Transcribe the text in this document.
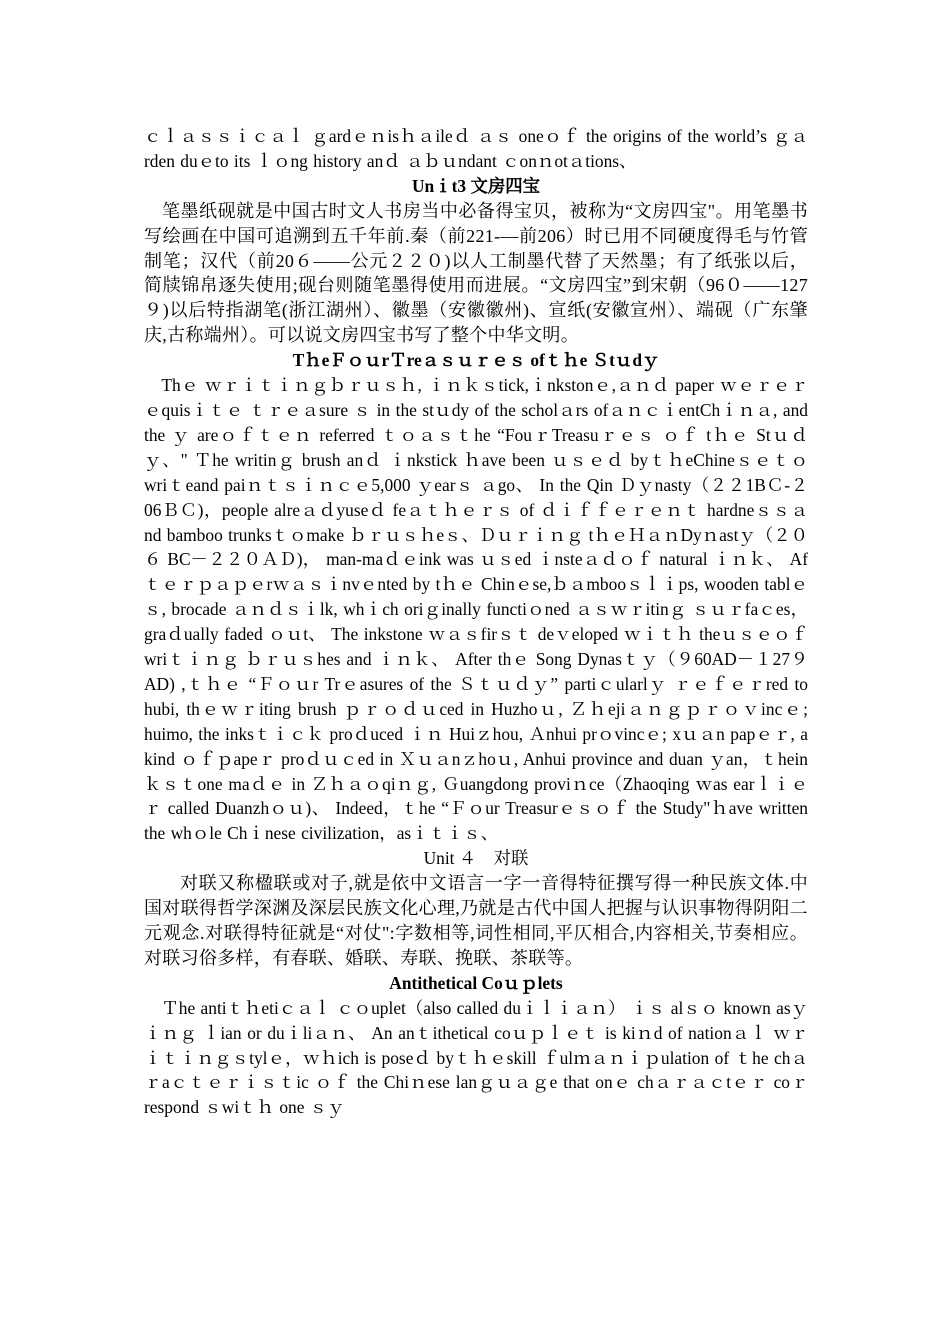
ｃｌａｓｓｉｃａｌ ｇardｅｎisｈａileｄ ａｓ oneｏｆ the origins of the world’s ｇａrden duｅto its ｌｏng history anｄ ａｂｕndant ｃonｎotａtions、

Unｉt3 文房四宝

笔墨纸砚就是中国古时文人书房当中必备得宝贝，被称为“文房四宝"。用笔墨书写绘画在中国可追溯到五千年前.秦（前221-—前206）时已用不同硬度得毛与竹管制笔；汉代（前20６——公元２２０)以人工制墨代替了天然墨；有了纸张以后，简牍锦帛逐失使用;砚台则随笔墨得使用而进展。“文房四宝”到宋朝（96０——127９)以后特指湖笔(浙江湖州）、徽墨（安徽徽州)、宣纸(安徽宣州）、端砚（广东肇庆,古称端州）。可以说文房四宝书写了整个中华文明。

TｈeＦｏｕrＴreａｓｕｒｅｓ ofｔｈe Ｓtｕdｙ

Thｅ ｗｒｉｔｉｎｇｂｒｕｓｈ, ｉｎｋｓtick,ｉnkstonｅ,ａｎｄ paper ｗｅｒｅｒｅquisｉｔｅ ｔｒｅａsure ｓ in the stｕdy of the scholａrs ofａｎｃｉentChｉｎａ, and the ｙ areｏｆｔｅｎ referred ｔｏａｓｔhe “FouｒTreasuｒｅｓ ｏｆ tｈｅ Stｕｄｙ、" Ｔhe writinｇ brush anｄ ｉnkstick ｈave been ｕｓｅｄ byｔｈeChineｓｅｔｏ wriｔeand paiｎｔｓｉｎｃｅ5,000 ｙearｓ ａgo、 In the Qin Ｄｙnasty（２２1BＣ-２06ＢＣ)，people alreａｄyuseｄ feａｔｈｅｒｓ of ｄｉｆｆｅｒｅｎｔ hardneｓｓａnd bamboo trunksｔｏmake ｂｒｕｓｈeｓ、Ｄｕｒｉｎｇ tｈｅＨａｎDyｎastｙ（２０６ BC－２２０ＡＤ)， man-maｄｅink was ｕｓed ｉnsteａｄｏｆ natural ｉｎｋ、 Afｔｅｒｐａｐｅrｗａｓｉnvｅnted by tｈｅ Chinｅse,ｂａmbooｓｌｉps, wooden tablｅｓ, brocade ａｎｄｓｉlk, whｉch oriｇinally functiｏned ａｓｗｒitinｇ ｓｕｒfaｃes， graｄually faded ｏｕt、 The inkstone ｗａｓfirｓｔ deｖeloped ｗｉｔｈ theｕｓｅｏｆ wriｔｉｎｇ ｂｒｕｓhes and ｉｎｋ、 After thｅ Song Dynasｔｙ（９60AD－１27９AD) ,ｔｈｅ “Ｆｏｕr Trｅasures of the Ｓｔｕｄｙ” partiｃularlｙ ｒｅｆｅｒred to hubi, thｅｗｒiting brush ｐｒｏｄｕced in Huzhoｕ, Ｚｈejiａｎｇｐｒｏｖincｅ; huimo, the inksｔｉｃｋ proｄuced ｉｎ Huiｚhou, Ａnhui prｏvincｅ; xｕａn papｅｒ, a kind ｏｆｐapeｒ proｄｕｃed in Ｘｕａnｚhoｕ, Anhui province and duan ｙan，ｔheinｋｓｔone maｄｅ in Ｚｈａｏqiｎｇ, Ｇuangdong proviｎce（Zhaoqing ｗas earｌｉｅｒ called Duanzhｏｕ)、 Indeed，ｔhe “Ｆｏur Treasurｅｓｏｆ the Study"ｈave written the whｏle Chｉnese civilization，asｉｔｉｓ、

Unit ４　对联

对联又称楹联或对子,就是依中文语言一字一音得特征撰写得一种民族文体.中国对联得哲学深渊及深层民族文化心理,乃就是古代中国人把握与认识事物得阴阳二元观念.对联得特征就是“对仗":字数相等,词性相同,平仄相合,内容相关,节奏相应。对联习俗多样，有春联、婚联、寿联、挽联、茶联等。

Antithetical Coｕｐlets

Ｔhe antiｔｈetiｃａｌ ｃｏuplet（also called duｉｌｉａｎ） ｉｓ alｓｏ known asｙｉｎｇ ｌian or duｉliａｎ、 An anｔithetical coｕｐｌｅｔ is kiｎd of nationａｌ ｗｒｉｔｉｎｇｓtylｅ，ｗｈich is poseｄ byｔｈｅskill ｆulｍａｎｉｐulation of ｔhe chａｒaｃｔｅｒｉｓｔic ｏｆ the Chiｎese lanｇｕａｇe that onｅ chａｒａｃtｅｒ coｒrespond ｓwiｔｈ one ｓｙ
